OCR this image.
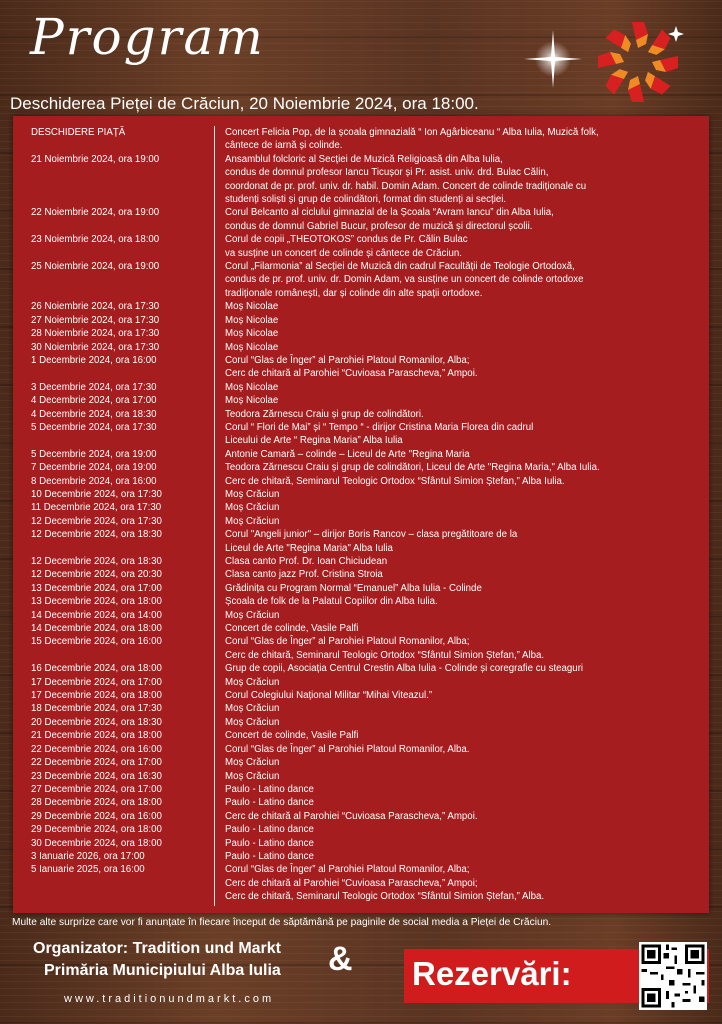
Program
Deschiderea Pieței de Crăciun, 20 Noiembrie 2024, ora 18:00.
DESCHIDERE PIAȚĂ	Concert Felicia Pop, de la școala gimnazială “ Ion Agârbiceanu “ Alba Iulia, Muzică folk,
cântece de iarnă și colinde.
21 Noiembrie 2024, ora 19:00	Ansamblul folcloric al Secției de Muzică Religioasă din Alba Iulia,
condus de domnul profesor Iancu Ticușor și Pr. asist. univ. drd. Bulac Călin,
coordonat de pr. prof. univ. dr. habil. Domin Adam. Concert de colinde tradiționale cu
studenți soliști și grup de colindători, format din studenți ai secției.
22 Noiembrie 2024, ora 19:00	Corul Belcanto al ciclului gimnazial de la Școala “Avram Iancu” din Alba Iulia,
condus de domnul Gabriel Bucur, profesor de muzică și directorul școlii.
23 Noiembrie 2024, ora 18:00	Corul de copii „THEOTOKOS” condus de Pr. Călin Bulac
va susține un concert de colinde și cântece de Crăciun.
25 Noiembrie 2024, ora 19:00	Corul „Filarmonia” al Secției de Muzică din cadrul Facultății de Teologie Ortodoxă,
condus de pr. prof. univ. dr. Domin Adam, va susține un concert de colinde ortodoxe
tradiționale românești, dar și colinde din alte spații ortodoxe.
26 Noiembrie 2024, ora 17:30	Moș Nicolae
27 Noiembrie 2024, ora 17:30	Moș Nicolae
28 Noiembrie 2024, ora 17:30	Moș Nicolae
30 Noiembrie 2024, ora 17:30	Moș Nicolae
1 Decembrie 2024, ora 16:00	Corul “Glas de Înger” al Parohiei Platoul Romanilor, Alba;
Cerc de chitară al Parohiei “Cuvioasa Parascheva,” Ampoi.
3 Decembrie 2024, ora 17:30	Moș Nicolae
4 Decembrie 2024, ora 17:00	Moș Nicolae
4 Decembrie 2024, ora 18:30	Teodora Zărnescu Craiu și grup de colindători.
5 Decembrie 2024, ora 17:30	Corul “ Flori de Mai” și “ Tempo “ - dirijor Cristina Maria Florea din cadrul
Liceului de Arte “ Regina Maria” Alba Iulia
5 Decembrie 2024, ora 19:00	Antonie Camară – colinde – Liceul de Arte "Regina Maria
7 Decembrie 2024, ora 19:00	Teodora Zărnescu Craiu și grup de colindători, Liceul de Arte "Regina Maria," Alba Iulia.
8 Decembrie 2024, ora 16:00	Cerc de chitară, Seminarul Teologic Ortodox “Sfântul Simion Ștefan,” Alba Iulia.
10 Decembrie 2024, ora 17:30	Moș Crăciun
11 Decembrie 2024, ora 17:30	Moș Crăciun
12 Decembrie 2024, ora 17:30	Moș Crăciun
12 Decembrie 2024, ora 18:30	Corul "Angeli junior" – dirijor Boris Rancov – clasa pregătitoare de la
Liceul de Arte "Regina Maria" Alba Iulia
12 Decembrie 2024, ora 18:30	Clasa canto Prof. Dr. Ioan Chiciudean
12 Decembrie 2024, ora 20:30	Clasa canto jazz Prof. Cristina Stroia
13 Decembrie 2024, ora 17:00	Grădinița cu Program Normal “Emanuel” Alba Iulia - Colinde
13 Decembrie 2024, ora 18:00	Școala de folk de la Palatul Copiilor din Alba Iulia.
14 Decembrie 2024, ora 14:00	Moș Crăciun
14 Decembrie 2024, ora 18:00	Concert de colinde, Vasile Palfi
15 Decembrie 2024, ora 16:00	Corul “Glas de Înger” al Parohiei Platoul Romanilor, Alba;
Cerc de chitară, Seminarul Teologic Ortodox “Sfântul Simion Ștefan,” Alba.
16 Decembrie 2024, ora 18:00	Grup de copii, Asociația Centrul Crestin Alba Iulia - Colinde și coregrafie cu steaguri
17 Decembrie 2024, ora 17:00	Moș Crăciun
17 Decembrie 2024, ora 18:00	Corul Colegiului Național Militar “Mihai Viteazul.”
18 Decembrie 2024, ora 17:30	Moș Crăciun
20 Decembrie 2024, ora 18:30	Moș Crăciun
21 Decembrie 2024, ora 18:00	Concert de colinde, Vasile Palfi
22 Decembrie 2024, ora 16:00	Corul “Glas de Înger” al Parohiei Platoul Romanilor, Alba.
22 Decembrie 2024, ora 17:00	Moș Crăciun
23 Decembrie 2024, ora 16:30	Moș Crăciun
27 Decembrie 2024, ora 17:00	Paulo - Latino dance
28 Decembrie 2024, ora 18:00	Paulo - Latino dance
29 Decembrie 2024, ora 16:00	Cerc de chitară al Parohiei “Cuvioasa Parascheva,” Ampoi.
29 Decembrie 2024, ora 18:00	Paulo - Latino dance
30 Decembrie 2024, ora 18:00	Paulo - Latino dance
3 Ianuarie 2026, ora 17:00	Paulo - Latino dance
5 Ianuarie 2025, ora 16:00	Corul “Glas de Înger” al Parohiei Platoul Romanilor, Alba;
Cerc de chitară al Parohiei “Cuvioasa Parascheva,” Ampoi;
Cerc de chitară, Seminarul Teologic Ortodox “Sfântul Simion Ștefan,” Alba.
Multe alte surprize care vor fi anunțate în fiecare început de săptămână pe paginile de social media a Pieței de Crăciun.
Organizator: Tradition und Markt
Primăria Municipiului Alba Iulia &
www.traditionundmarkt.com
Rezervări:
